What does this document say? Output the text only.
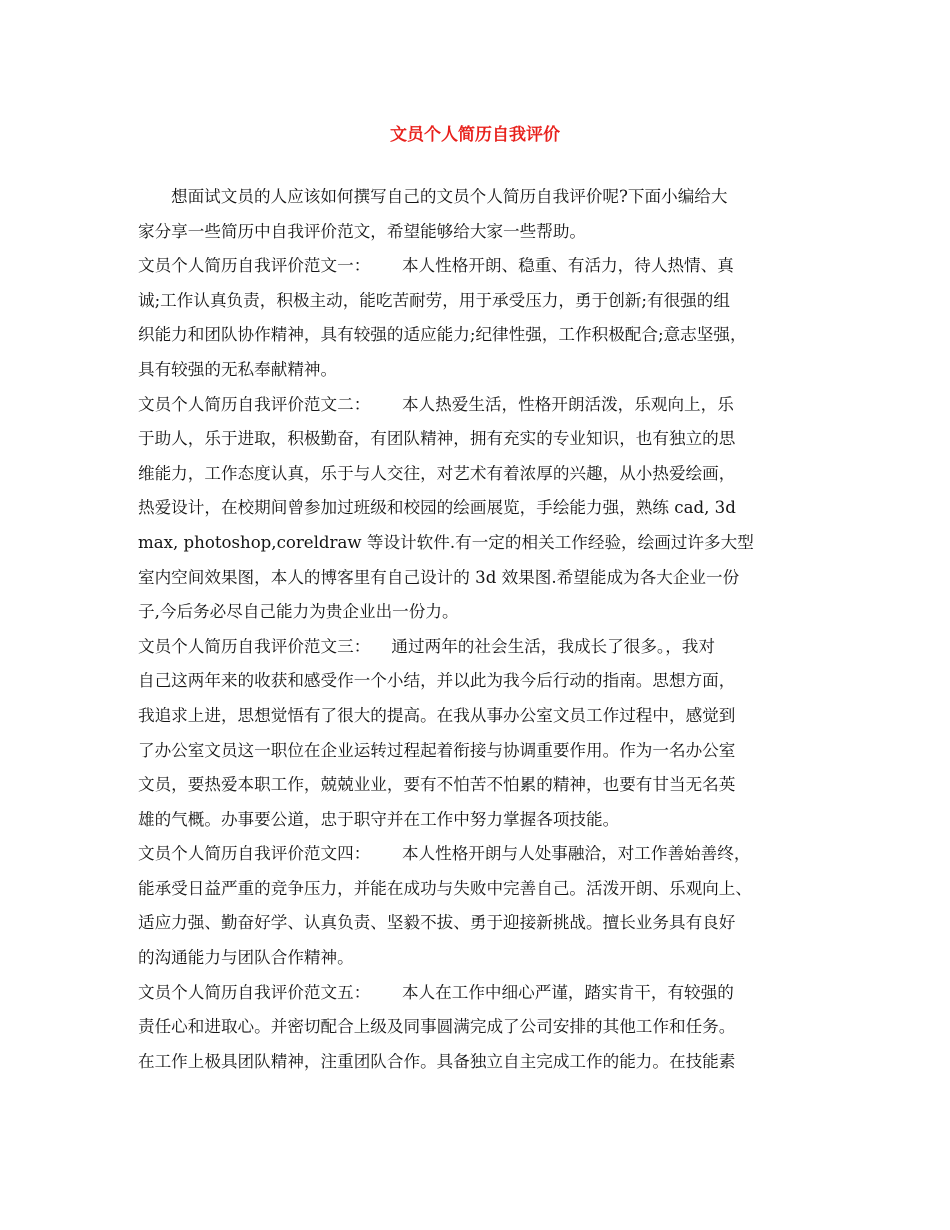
文员个人简历自我评价
想面试文员的人应该如何撰写自己的文员个人简历自我评价呢?下面小编给大
家分享一些简历中自我评价范文，希望能够给大家一些帮助。
文员个人简历自我评价范文一：      本人性格开朗、稳重、有活力，待人热情、真
诚;工作认真负责，积极主动，能吃苦耐劳，用于承受压力，勇于创新;有很强的组
织能力和团队协作精神，具有较强的适应能力;纪律性强，工作积极配合;意志坚强，
具有较强的无私奉献精神。
文员个人简历自我评价范文二：      本人热爱生活，性格开朗活泼，乐观向上，乐
于助人，乐于进取，积极勤奋，有团队精神，拥有充实的专业知识，也有独立的思
维能力，工作态度认真，乐于与人交往，对艺术有着浓厚的兴趣，从小热爱绘画，
热爱设计，在校期间曾参加过班级和校园的绘画展览，手绘能力强，熟练 cad, 3d
max, photoshop,coreldraw 等设计软件.有一定的相关工作经验，绘画过许多大型
室内空间效果图，本人的博客里有自己设计的 3d 效果图.希望能成为各大企业一份
子,今后务必尽自己能力为贵企业出一份力。
文员个人简历自我评价范文三：    通过两年的社会生活，我成长了很多。，我对
自己这两年来的收获和感受作一个小结，并以此为我今后行动的指南。思想方面，
我追求上进，思想觉悟有了很大的提高。在我从事办公室文员工作过程中，感觉到
了办公室文员这一职位在企业运转过程起着衔接与协调重要作用。作为一名办公室
文员，要热爱本职工作，兢兢业业，要有不怕苦不怕累的精神，也要有甘当无名英
雄的气概。办事要公道，忠于职守并在工作中努力掌握各项技能。
文员个人简历自我评价范文四：      本人性格开朗与人处事融洽，对工作善始善终，
能承受日益严重的竞争压力，并能在成功与失败中完善自己。活泼开朗、乐观向上、
适应力强、勤奋好学、认真负责、坚毅不拔、勇于迎接新挑战。擅长业务具有良好
的沟通能力与团队合作精神。
文员个人简历自我评价范文五：      本人在工作中细心严谨，踏实肯干，有较强的
责任心和进取心。并密切配合上级及同事圆满完成了公司安排的其他工作和任务。
在工作上极具团队精神，注重团队合作。具备独立自主完成工作的能力。在技能素
